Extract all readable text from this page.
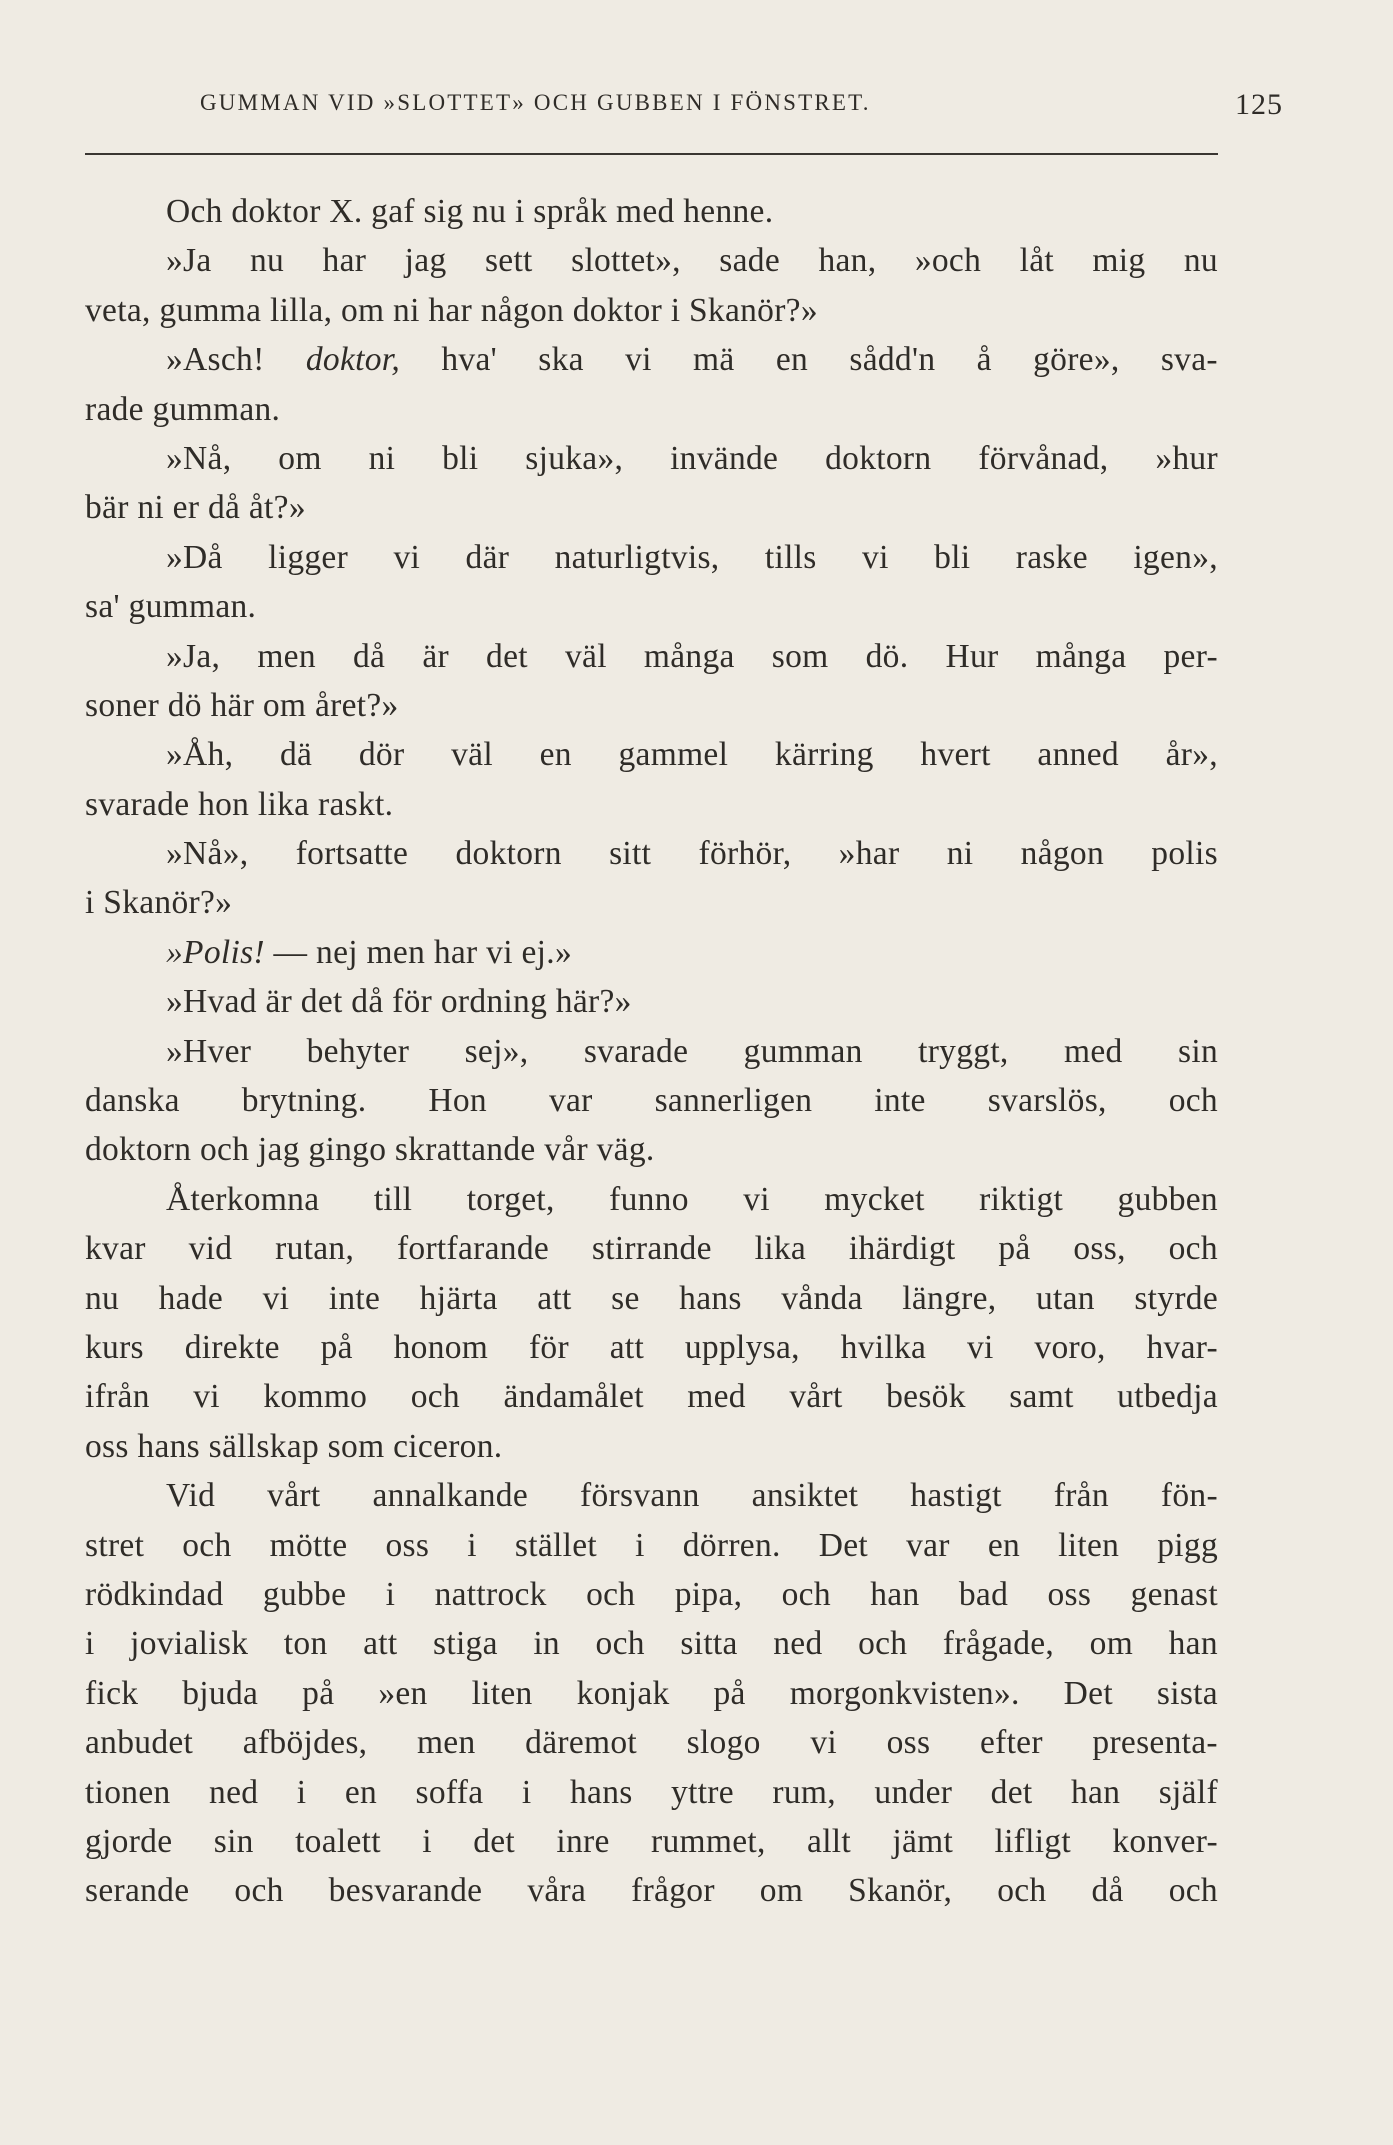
GUMMAN VID »SLOTTET» OCH GUBBEN I FÖNSTRET.	125
Och doktor X. gaf sig nu i språk med henne.
»Ja nu har jag sett slottet», sade han, »och låt mig nu
veta, gumma lilla, om ni har någon doktor i Skanör?»
»Asch! doktor, hva' ska vi mä en sådd'n å göre», sva-
rade gumman.
»Nå, om ni bli sjuka», invände doktorn förvånad, »hur
bär ni er då åt?»
»Då ligger vi där naturligtvis, tills vi bli raske igen»,
sa' gumman.
»Ja, men då är det väl många som dö. Hur många per-
soner dö här om året?»
»Åh, dä dör väl en gammel kärring hvert anned år»,
svarade hon lika raskt.
»Nå», fortsatte doktorn sitt förhör, »har ni någon polis
i Skanör?»
»Polis! — nej men har vi ej.»
»Hvad är det då för ordning här?»
»Hver behyter sej», svarade gumman tryggt, med sin
danska brytning. Hon var sannerligen inte svarslös, och
doktorn och jag gingo skrattande vår väg.
Återkomna till torget, funno vi mycket riktigt gubben
kvar vid rutan, fortfarande stirrande lika ihärdigt på oss, och
nu hade vi inte hjärta att se hans vånda längre, utan styrde
kurs direkte på honom för att upplysa, hvilka vi voro, hvar-
ifrån vi kommo och ändamålet med vårt besök samt utbedja
oss hans sällskap som ciceron.
Vid vårt annalkande försvann ansiktet hastigt från fön-
stret och mötte oss i stället i dörren. Det var en liten pigg
rödkindad gubbe i nattrock och pipa, och han bad oss genast
i jovialisk ton att stiga in och sitta ned och frågade, om han
fick bjuda på »en liten konjak på morgonkvisten». Det sista
anbudet afböjdes, men däremot slogo vi oss efter presenta-
tionen ned i en soffa i hans yttre rum, under det han själf
gjorde sin toalett i det inre rummet, allt jämt lifligt konver-
serande och besvarande våra frågor om Skanör, och då och
